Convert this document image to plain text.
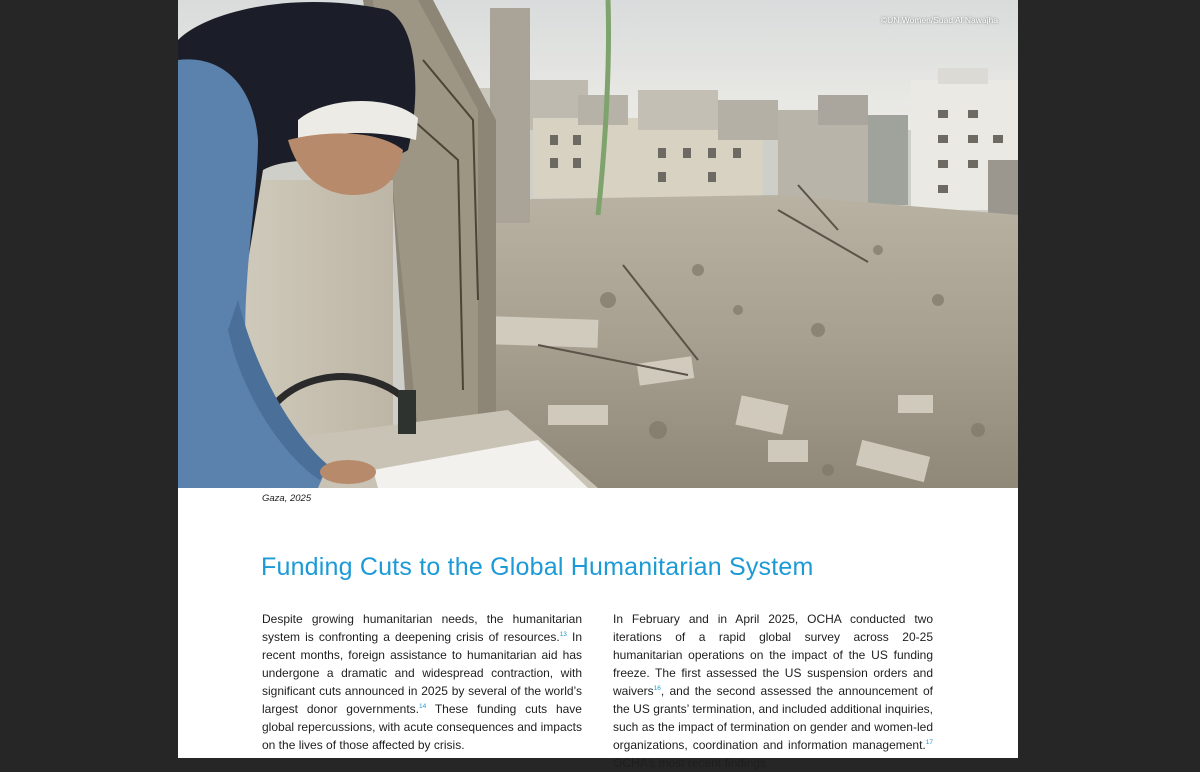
©UN Women/Suad Al Nawajha
Gaza, 2025
Funding Cuts to the Global Humanitarian System

Despite growing humanitarian needs, the humanitarian system is confronting a deepening crisis of resources.$^{13}$ In recent months, foreign assistance to humanitarian aid has undergone a dramatic and widespread contraction, with significant cuts announced in 2025 by several of the world’s largest donor governments.$^{14}$ These funding cuts have global repercussions, with acute consequences and impacts on the lives of those affected by crisis.

In February and in April 2025, OCHA conducted two iterations of a rapid global survey across 20-25 humanitarian operations on the impact of the US funding freeze. The first assessed the US suspension orders and waivers$^{16}$, and the second assessed the announcement of the US grants’ termination, and included additional inquiries, such as the impact of termination on gender and women-led organizations, coordination and information management.$^{17}$ OCHA’s most recent findings
